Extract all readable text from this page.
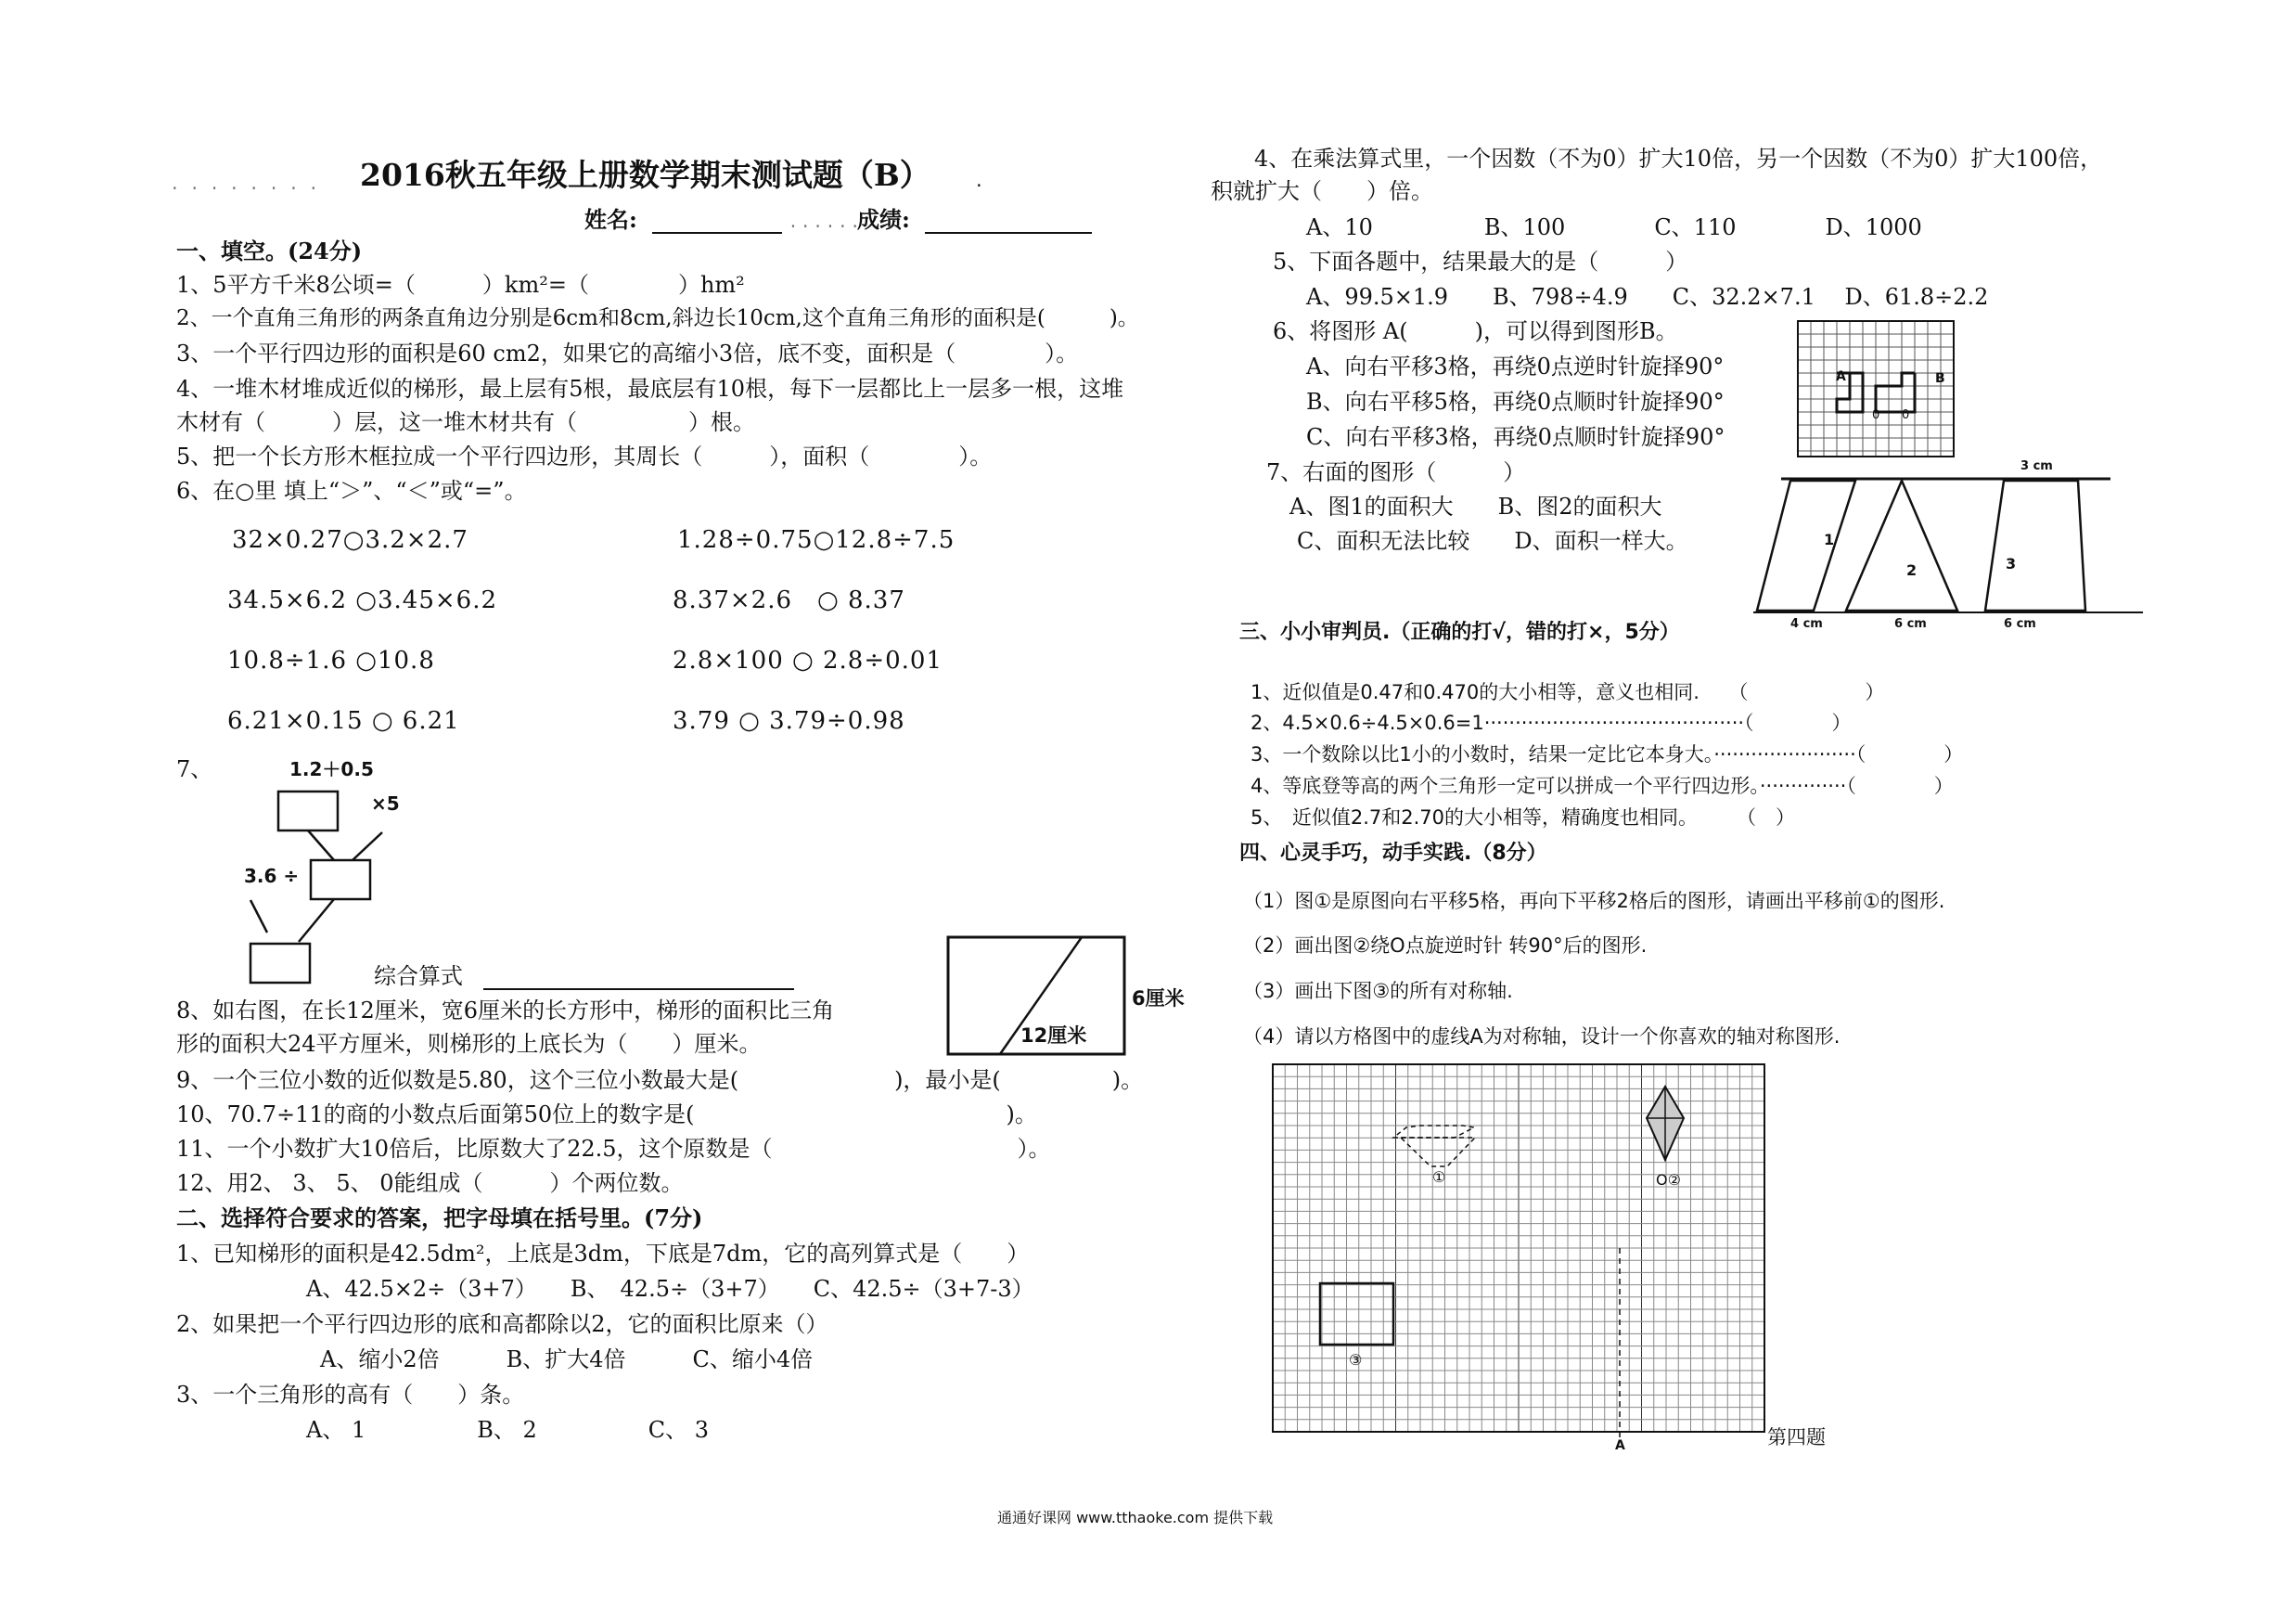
. . . . . . . . 2016秋五年级上册数学期末测试题（B） .
姓名:	. . . . . .
成绩:
一、填空。(24分)
1、5平方千米8公顷=（　　　）km²=（　　　　）hm²
2、一个直角三角形的两条直角边分别是6cm和8cm,斜边长10cm,这个直角三角形的面积是(　　　)。
3、一个平行四边形的面积是60 cm2，如果它的高缩小3倍，底不变，面积是（　　　　）。
4、一堆木材堆成近似的梯形，最上层有5根，最底层有10根，每下一层都比上一层多一根，这堆
木材有（　　　）层，这一堆木材共有（　　　　　）根。
5、把一个长方形木框拉成一个平行四边形，其周长（　　　），面积（　　　　）。
6、在○里 填上“＞”、“＜”或“=”。
32×0.27○3.2×2.7	1.28÷0.75○12.8÷7.5
34.5×6.2 ○3.45×6.2	8.37×2.6　○ 8.37
10.8÷1.6 ○10.8	2.8×100 ○ 2.8÷0.01
6.21×0.15 ○ 6.21	3.79 ○ 3.79÷0.98
7、	1.2＋0.5
×5
3.6 ÷
综合算式
8、如右图，在长12厘米，宽6厘米的长方形中，梯形的面积比三角
形的面积大24平方厘米，则梯形的上底长为（　　）厘米。	12厘米
6厘米
9、一个三位小数的近似数是5.80，这个三位小数最大是(　　　　　　　)，最小是(　　　　　)。
10、70.7÷11的商的小数点后面第50位上的数字是(　　　　　　　　　　　　　　)。
11、一个小数扩大10倍后，比原数大了22.5，这个原数是（　　　　　　　　　　　）。
12、用2、 3、 5、 0能组成（　　　）个两位数。
二、选择符合要求的答案，把字母填在括号里。(7分)
1、已知梯形的面积是42.5dm²，上底是3dm，下底是7dm，它的高列算式是（　　）
A、42.5×2÷（3+7）　　B、　42.5÷（3+7）　　C、42.5÷（3+7-3）
2、如果把一个平行四边形的底和高都除以2，它的面积比原来（）
A、缩小2倍　　　B、扩大4倍　　　C、缩小4倍
3、一个三角形的高有（　　）条。
A、 1　　　　　B、 2　　　　　C、 3
4、在乘法算式里，一个因数（不为0）扩大10倍，另一个因数（不为0）扩大100倍，
积就扩大（　　）倍。
A、10　　　　　B、100　　　　C、110　　　　D、1000
5、下面各题中，结果最大的是（　　　）
A、99.5×1.9　　B、798÷4.9　　C、32.2×7.1　 D、61.8÷2.2
6、将图形 A(　　　)，可以得到图形B。
A、向右平移3格，再绕0点逆时针旋择90°
B、向右平移5格，再绕0点顺时针旋择90°
C、向右平移3格，再绕0点顺时针旋择90°
7、右面的图形（　　　）
A、图1的面积大　　B、图2的面积大
C、面积无法比较　　D、面积一样大。
A	B
0 0
3 cm
1
2	3
4 cm	6 cm	6 cm
三、小小审判员.（正确的打√，错的打×，5分）
1、近似值是0.47和0.470的大小相等，意义也相同.　　（　　　　　　）
2、4.5×0.6÷4.5×0.6=1··········································（　　　　）
3、一个数除以比1小的小数时，结果一定比它本身大。·······················（　　　　）
4、等底登等高的两个三角形一定可以拼成一个平行四边形。··············（　　　　）
5、　近似值2.7和2.70的大小相等，精确度也相同。　　　（　）
四、心灵手巧，动手实践.（8分）
（1）图①是原图向右平移5格，再向下平移2格后的图形，请画出平移前①的图形.
（2）画出图②绕O点旋逆时针 转90°后的图形.
（3）画出下图③的所有对称轴.
（4）请以方格图中的虚线A为对称轴，设计一个你喜欢的轴对称图形.
①	O②
③
A	第四题
通通好课网 www.tthaoke.com 提供下载
